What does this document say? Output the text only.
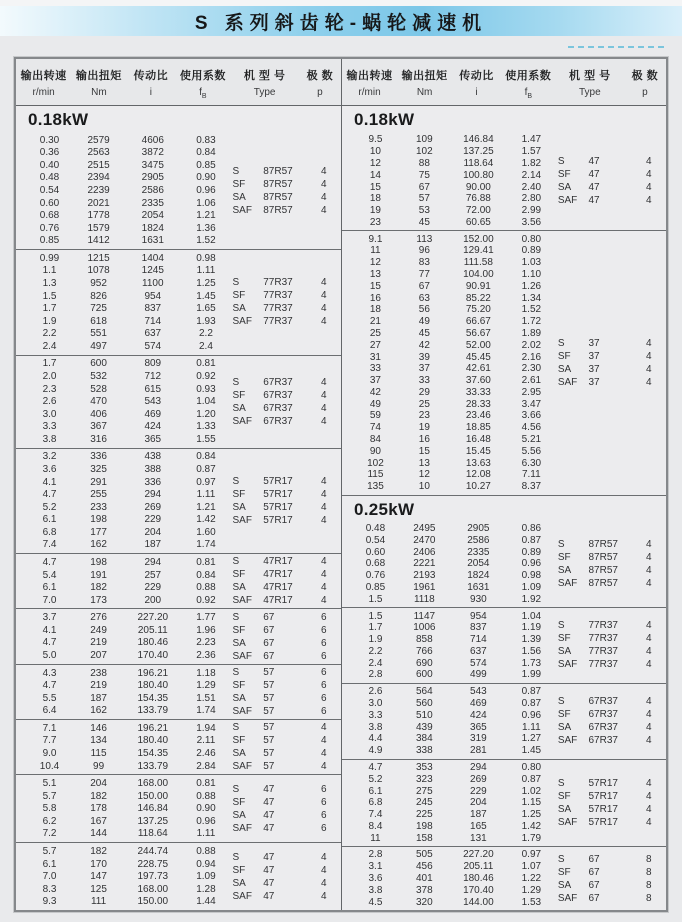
S 系列斜齿轮-蜗轮减速机
输出转速 输出扭矩	传动比	使用系数	机 型 号	极 数
r/min	Nm	i	$f_B$	Type	p
0.18kW
0.30	2579	4606	0.83
0.36	2563	3872	0.84
0.40	2515	3475	0.85
0.48	2394	2905	0.90
0.54	2239	2586	0.96
0.60	2021	2335	1.06
0.68	1778	2054	1.21
0.76	1579	1824	1.36
0.85	1412	1631	1.52
S	87R57	4
SF	87R57	4
SA	87R57	4
SAF	87R57	4
0.99	1215	1404	0.98
1.1	1078	1245	1.11
1.3	952	1100	1.25
1.5	826	954	1.45
1.7	725	837	1.65
1.9	618	714	1.93
2.2	551	637	2.2
2.4	497	574	2.4
S	77R37	4
SF	77R37	4
SA	77R37	4
SAF	77R37	4
1.7	600	809	0.81
2.0	532	712	0.92
2.3	528	615	0.93
2.6	470	543	1.04
3.0	406	469	1.20
3.3	367	424	1.33
3.8	316	365	1.55
S	67R37	4
SF	67R37	4
SA	67R37	4
SAF	67R37	4
3.2	336	438	0.84
3.6	325	388	0.87
4.1	291	336	0.97
4.7	255	294	1.11
5.2	233	269	1.21
6.1	198	229	1.42
6.8	177	204	1.60
7.4	162	187	1.74
S	57R17	4
SF	57R17	4
SA	57R17	4
SAF	57R17	4
4.7	198	294	0.81
5.4	191	257	0.84
6.1	182	229	0.88
7.0	173	200	0.92
S	47R17	4
SF	47R17	4
SA	47R17	4
SAF	47R17	4
3.7	276	227.20	1.77
4.1	249	205.11	1.96
4.7	219	180.46	2.23
5.0	207	170.40	2.36
S	67	6
SF	67	6
SA	67	6
SAF	67	6
4.3	238	196.21	1.18
4.7	219	180.40	1.29
5.5	187	154.35	1.51
6.4	162	133.79	1.74
S	57	6
SF	57	6
SA	57	6
SAF	57	6
7.1	146	196.21	1.94
7.7	134	180.40	2.11
9.0	115	154.35	2.46
10.4	99	133.79	2.84
S	57	4
SF	57	4
SA	57	4
SAF	57	4
5.1	204	168.00	0.81
5.7	182	150.00	0.88
5.8	178	146.84	0.90
6.2	167	137.25	0.96
7.2	144	118.64	1.11
S	47	6
SF	47	6
SA	47	6
SAF	47	6
5.7	182	244.74	0.88
6.1	170	228.75	0.94
7.0	147	197.73	1.09
8.3	125	168.00	1.28
9.3	111	150.00	1.44
S	47	4
SF	47	4
SA	47	4
SAF	47	4
输出转速 输出扭矩	传动比	使用系数	机 型 号	极 数
r/min	Nm	i	$f_B$	Type	p
0.18kW
9.5	109	146.84	1.47
10	102	137.25	1.57
12	88	118.64	1.82
14	75	100.80	2.14
15	67	90.00	2.40
18	57	76.88	2.80
19	53	72.00	2.99
23	45	60.65	3.56
S	47	4
SF	47	4
SA	47	4
SAF	47	4
9.1	113	152.00	0.80
11	96	129.41	0.89
12	83	111.58	1.03
13	77	104.00	1.10
15	67	90.91	1.26
16	63	85.22	1.34
18	56	75.20	1.52
21	49	66.67	1.72
25	45	56.67	1.89
27	42	52.00	2.02
31	39	45.45	2.16
33	37	42.61	2.30
37	33	37.60	2.61
42	29	33.33	2.95
49	25	28.33	3.47
59	23	23.46	3.66
74	19	18.85	4.56
84	16	16.48	5.21
90	15	15.45	5.56
102	13	13.63	6.30
115	12	12.08	7.11
135	10	10.27	8.37
S	37	4
SF	37	4
SA	37	4
SAF	37	4
0.25kW
0.48	2495	2905	0.86
0.54	2470	2586	0.87
0.60	2406	2335	0.89
0.68	2221	2054	0.96
0.76	2193	1824	0.98
0.85	1961	1631	1.09
1.5	1118	930	1.92
S	87R57	4
SF	87R57	4
SA	87R57	4
SAF	87R57	4
1.5	1147	954	1.04
1.7	1006	837	1.19
1.9	858	714	1.39
2.2	766	637	1.56
2.4	690	574	1.73
2.8	600	499	1.99
S	77R37	4
SF	77R37	4
SA	77R37	4
SAF	77R37	4
2.6	564	543	0.87
3.0	560	469	0.87
3.3	510	424	0.96
3.8	439	365	1.11
4.4	384	319	1.27
4.9	338	281	1.45
S	67R37	4
SF	67R37	4
SA	67R37	4
SAF	67R37	4
4.7	353	294	0.80
5.2	323	269	0.87
6.1	275	229	1.02
6.8	245	204	1.15
7.4	225	187	1.25
8.4	198	165	1.42
11	158	131	1.79
S	57R17	4
SF	57R17	4
SA	57R17	4
SAF	57R17	4
2.8	505	227.20	0.97
3.1	456	205.11	1.07
3.6	401	180.46	1.22
3.8	378	170.40	1.29
4.5	320	144.00	1.53
S	67	8
SF	67	8
SA	67	8
SAF	67	8
